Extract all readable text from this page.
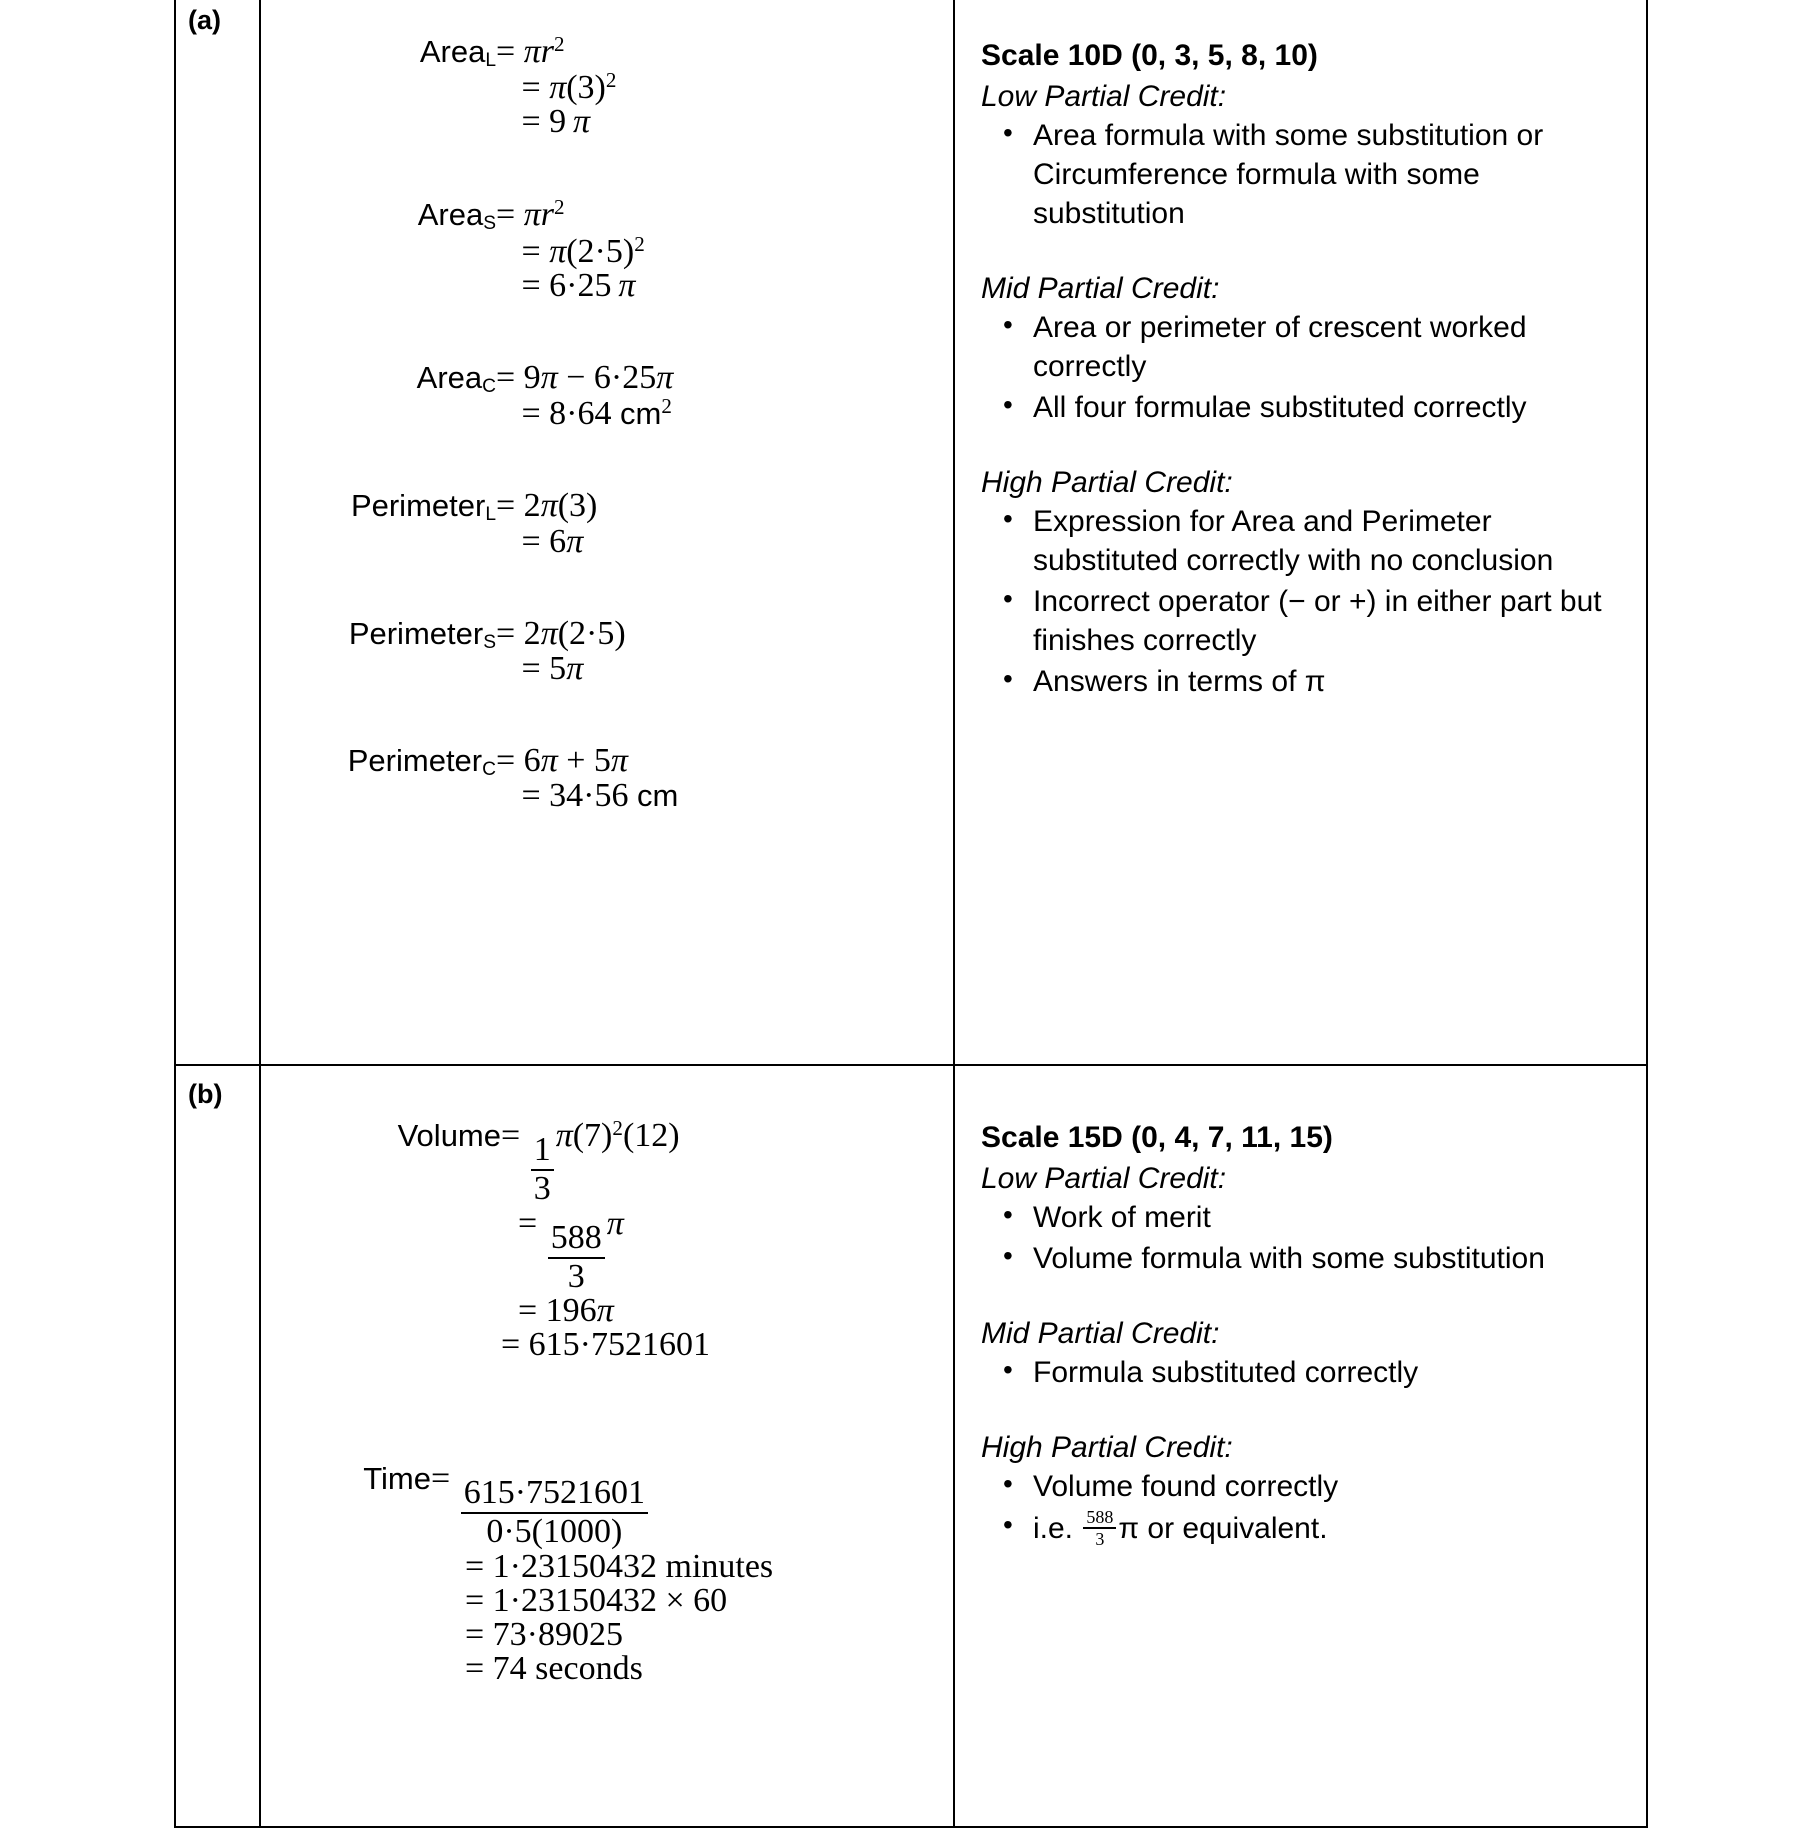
(a)

Area$_L$ = $\pi r^2$
= $\pi(3)^2$
= 9 π
Area$_S$ = $\pi r^2$
= $\pi(2\cdot 5)^2$
= 6·25 π
Area$_C$ = 9π − 6·25π
= 8·64 $cm^2$
Perimeter$_L$ = 2π(3)
= 6π
Perimeter$_S$ = 2π(2·5)
= 5π
Perimeter$_C$ = 6π + 5π
= 34·56 cm

Scale 10D (0, 3, 5, 8, 10)
Low Partial Credit:
• Area formula with some substitution or Circumference formula with some substitution
Mid Partial Credit:
• Area or perimeter of crescent worked correctly
• All four formulae substituted correctly
High Partial Credit:
• Expression for Area and Perimeter substituted correctly with no conclusion
• Incorrect operator (− or +) in either part but finishes correctly
• Answers in terms of π

(b)

Volume = $\frac{1}{3} \pi(7)^2(12)$
= $\frac{588}{3}$ π
= 196π
= 615·7521601
Time = $\frac{615\cdot 7521601}{0\cdot 5(1000)}$
= 1·23150432 minutes
= 1·23150432 × 60
= 73·89025
= 74 seconds

Scale 15D (0, 4, 7, 11, 15)
Low Partial Credit:
• Work of merit
• Volume formula with some substitution
Mid Partial Credit:
• Formula substituted correctly
High Partial Credit:
• Volume found correctly
• i.e.
$\frac{588}{3}$ π or equivalent.
